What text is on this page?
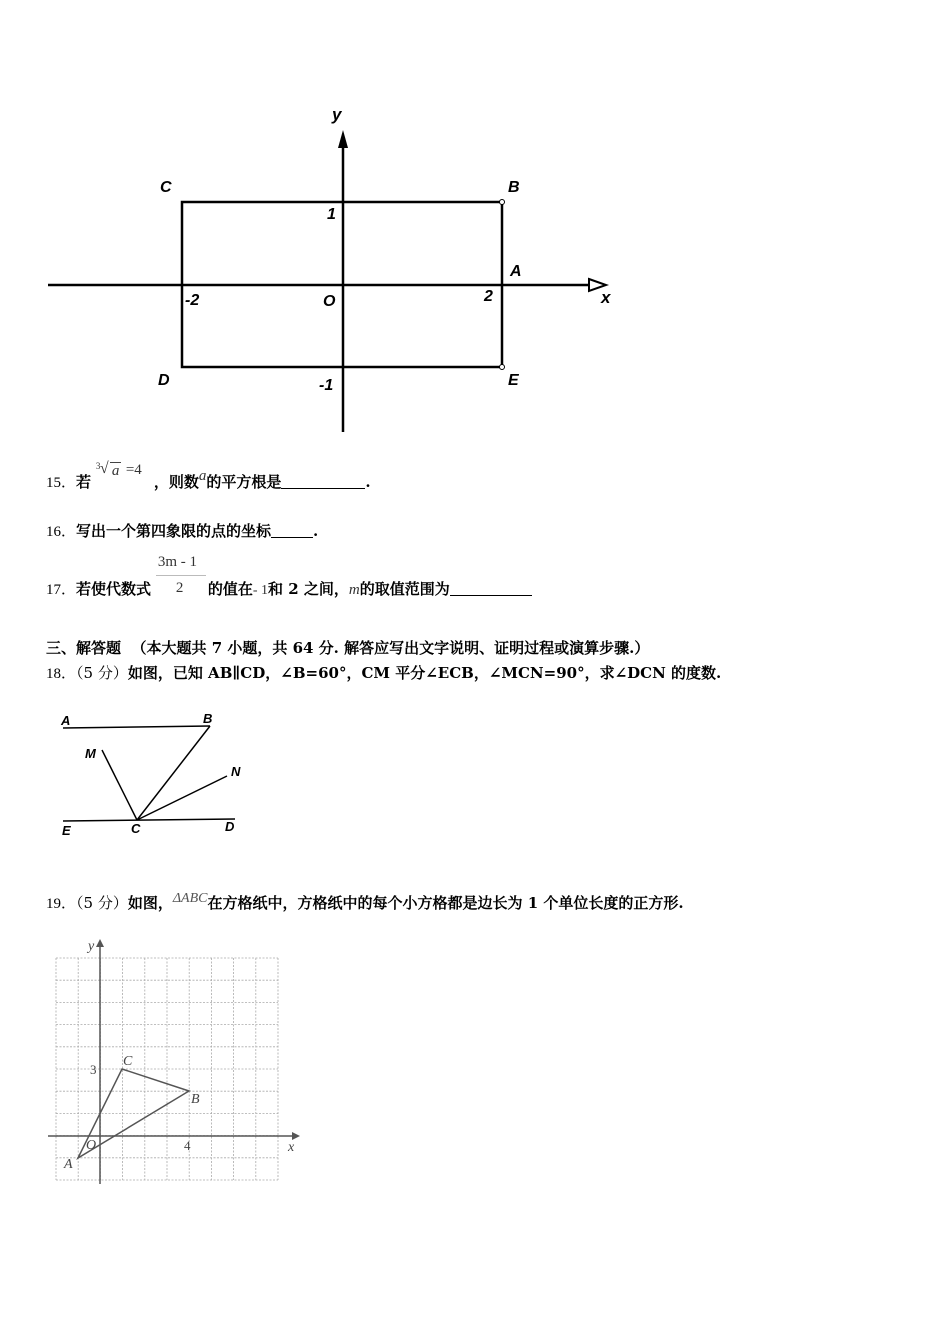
y
x
C	B
A
D	E
O
1
-2	2
-1
15．若
3 √ a =4
，则数a的平方根是	.
16．写出一个第四象限的点的坐标	.
17．若使代数式 $\frac{3m - 1}{2}$ 的值在- 1和 2 之间，m的取值范围为
三、解答题 （本大题共 7 小题，共 64 分. 解答应写出文字说明、证明过程或演算步骤.）
18．（5 分）如图，已知 AB∥CD，∠B=60°，CM 平分∠ECB，∠MCN=90°，求∠DCN 的度数.
A	B
M
N
E	C	D
19．（5 分）如图，ΔABC在方格纸中，方格纸中的每个小方格都是边长为 1 个单位长度的正方形.
y
x
C
B
A
O
3
4
